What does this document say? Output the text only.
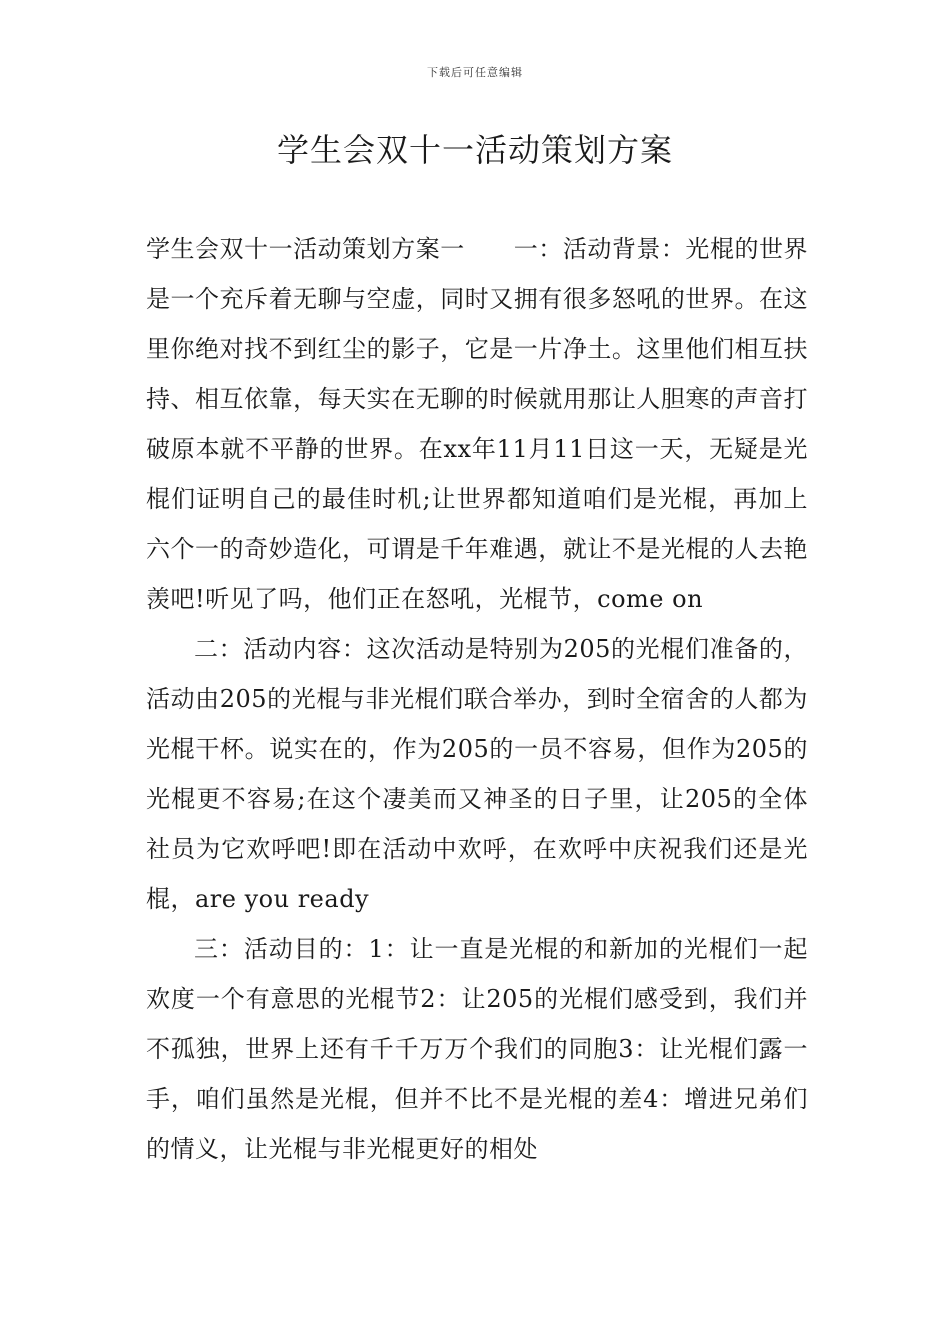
下载后可任意编辑
学生会双十一活动策划方案

学生会双十一活动策划方案一　　一：活动背景：光棍的世界是一个充斥着无聊与空虚，同时又拥有很多怒吼的世界。在这里你绝对找不到红尘的影子，它是一片净土。这里他们相互扶持、相互依靠，每天实在无聊的时候就用那让人胆寒的声音打破原本就不平静的世界。在xx年11月11日这一天，无疑是光棍们证明自己的最佳时机;让世界都知道咱们是光棍，再加上六个一的奇妙造化，可谓是千年难遇，就让不是光棍的人去艳羡吧!听见了吗，他们正在怒吼，光棍节，come on

二：活动内容：这次活动是特别为205的光棍们准备的，活动由205的光棍与非光棍们联合举办，到时全宿舍的人都为光棍干杯。说实在的，作为205的一员不容易，但作为205的光棍更不容易;在这个凄美而又神圣的日子里，让205的全体社员为它欢呼吧!即在活动中欢呼，在欢呼中庆祝我们还是光棍，are you ready

三：活动目的：1：让一直是光棍的和新加的光棍们一起欢度一个有意思的光棍节2：让205的光棍们感受到，我们并不孤独，世界上还有千千万万个我们的同胞3：让光棍们露一手，咱们虽然是光棍，但并不比不是光棍的差4：增进兄弟们的情义，让光棍与非光棍更好的相处
